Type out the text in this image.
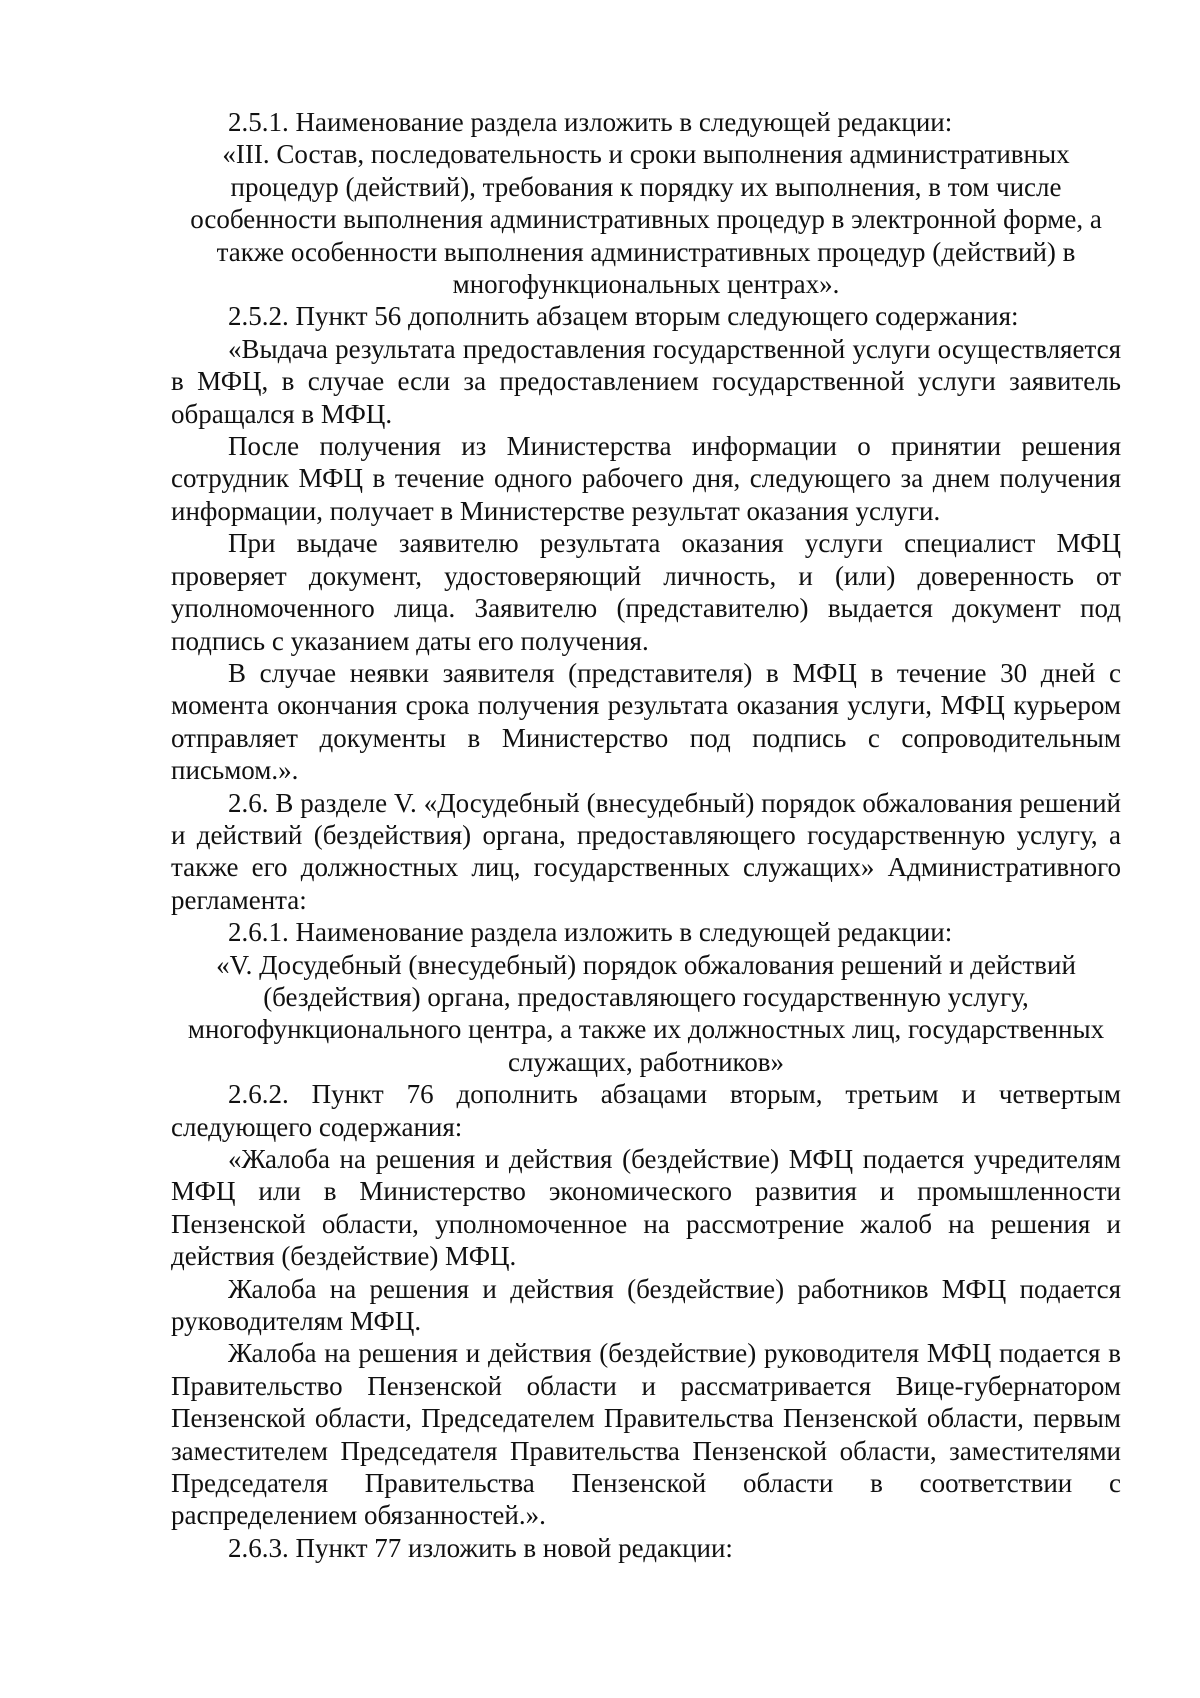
2.5.1. Наименование раздела изложить в следующей редакции:

«III. Состав, последовательность и сроки выполнения административных процедур (действий), требования к порядку их выполнения, в том числе особенности выполнения административных процедур в электронной форме, а также особенности выполнения административных процедур (действий) в многофункциональных центрах».

2.5.2. Пункт 56 дополнить абзацем вторым следующего содержания:

«Выдача результата предоставления государственной услуги осуществляется в МФЦ, в случае если за предоставлением государственной услуги заявитель обращался в МФЦ.

После получения из Министерства информации о принятии решения сотрудник МФЦ в течение одного рабочего дня, следующего за днем получения информации, получает в Министерстве результат оказания услуги.

При выдаче заявителю результата оказания услуги специалист МФЦ проверяет документ, удостоверяющий личность, и (или) доверенность от уполномоченного лица. Заявителю (представителю) выдается документ под подпись с указанием даты его получения.

В случае неявки заявителя (представителя) в МФЦ в течение 30 дней с момента окончания срока получения результата оказания услуги, МФЦ курьером отправляет документы в Министерство под подпись с сопроводительным письмом.».

2.6. В разделе V. «Досудебный (внесудебный) порядок обжалования решений и действий (бездействия) органа, предоставляющего государственную услугу, а также его должностных лиц, государственных служащих» Административного регламента:

2.6.1. Наименование раздела изложить в следующей редакции:

«V. Досудебный (внесудебный) порядок обжалования решений и действий (бездействия) органа, предоставляющего государственную услугу, многофункционального центра, а также их должностных лиц, государственных служащих, работников»

2.6.2. Пункт 76 дополнить абзацами вторым, третьим и четвертым следующего содержания:

«Жалоба на решения и действия (бездействие) МФЦ подается учредителям МФЦ или в Министерство экономического развития и промышленности Пензенской области, уполномоченное на рассмотрение жалоб на решения и действия (бездействие) МФЦ.

Жалоба на решения и действия (бездействие) работников МФЦ подается руководителям МФЦ.

Жалоба на решения и действия (бездействие) руководителя МФЦ подается в Правительство Пензенской области и рассматривается Вице-губернатором Пензенской области, Председателем Правительства Пензенской области, первым заместителем Председателя Правительства Пензенской области, заместителями Председателя Правительства Пензенской области в соответствии с распределением обязанностей.».

2.6.3. Пункт 77 изложить в новой редакции:
